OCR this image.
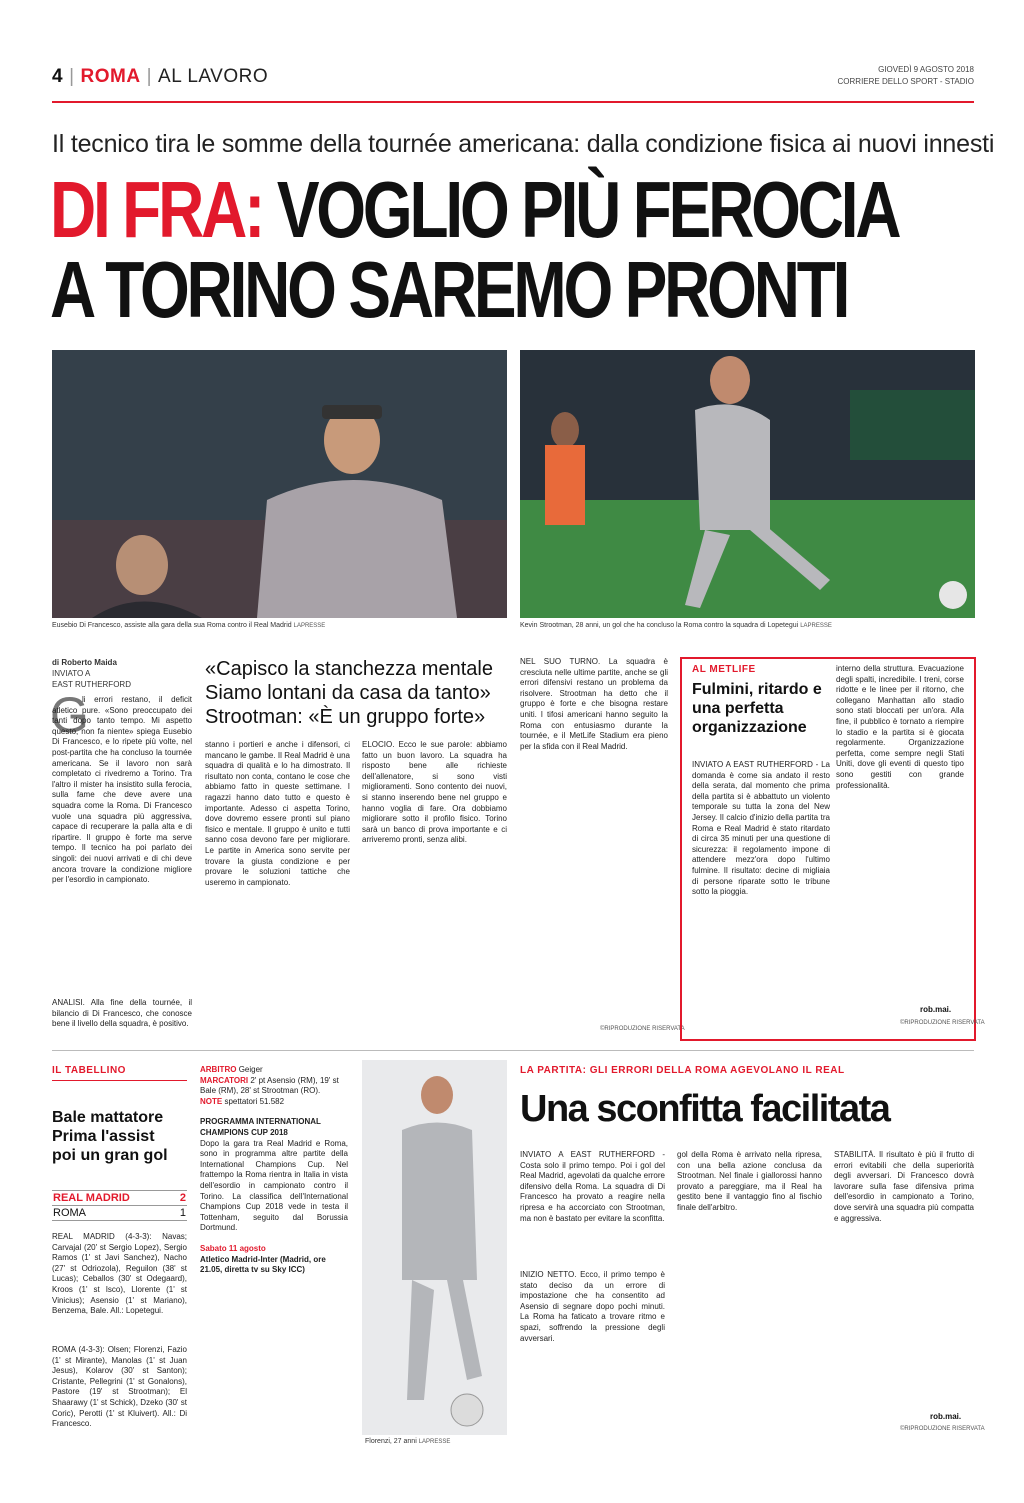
4 | ROMA | AL LAVORO	GIOVEDÌ 9 AGOSTO 2018
CORRIERE DELLO SPORT - STADIO
Il tecnico tira le somme della tournée americana: dalla condizione fisica ai nuovi innesti
DI FRA: VOGLIO PIÙ FEROCIA
A TORINO SAREMO PRONTI
Eusebio Di Francesco, assiste alla gara della sua Roma contro il Real Madrid LAPRESSE	Kevin Strootman, 28 anni, un gol che ha concluso la Roma contro la squadra di Lopetegui LAPRESSE
di Roberto Maida
INVIATO A
EAST RUTHERFORD
G
li errori restano, il deficit atletico pure. «Sono preoccupato dei tanti dopo tanto tempo. Mi aspetto questo, non fa niente» spiega Eusebio Di Francesco, e lo ripete più volte, nel post-partita che ha concluso la tournée americana. Se il lavoro non sarà completato ci rivedremo a Torino. Tra l'altro il mister ha insistito sulla ferocia, sulla fame che deve avere una squadra come la Roma. Di Francesco vuole una squadra più aggressiva, capace di recuperare la palla alta e di ripartire. Il gruppo è forte ma serve tempo. Il tecnico ha poi parlato dei singoli: dei nuovi arrivati e di chi deve ancora trovare la condizione migliore per l'esordio in campionato.
ANALISI. Alla fine della tournée, il bilancio di Di Francesco, che conosce bene il livello della squadra, è positivo.
«Capisco la stanchezza mentale Siamo lontani da casa da tanto» Strootman: «È un gruppo forte»
stanno i portieri e anche i difensori, ci mancano le gambe. Il Real Madrid è una squadra di qualità e lo ha dimostrato. Il risultato non conta, contano le cose che abbiamo fatto in queste settimane. I ragazzi hanno dato tutto e questo è importante. Adesso ci aspetta Torino, dove dovremo essere pronti sul piano fisico e mentale. Il gruppo è unito e tutti sanno cosa devono fare per migliorare. Le partite in America sono servite per trovare la giusta condizione e per provare le soluzioni tattiche che useremo in campionato.
ELOCIO. Ecco le sue parole: abbiamo fatto un buon lavoro. La squadra ha risposto bene alle richieste dell'allenatore, si sono visti miglioramenti. Sono contento dei nuovi, si stanno inserendo bene nel gruppo e hanno voglia di fare. Ora dobbiamo migliorare sotto il profilo fisico. Torino sarà un banco di prova importante e ci arriveremo pronti, senza alibi.
NEL SUO TURNO. La squadra è cresciuta nelle ultime partite, anche se gli errori difensivi restano un problema da risolvere. Strootman ha detto che il gruppo è forte e che bisogna restare uniti. I tifosi americani hanno seguito la Roma con entusiasmo durante la tournée, e il MetLife Stadium era pieno per la sfida con il Real Madrid.
©RIPRODUZIONE RISERVATA
AL METLIFE
Fulmini, ritardo e una perfetta organizzazione
INVIATO A EAST RUTHERFORD - La domanda è come sia andato il resto della serata, dal momento che prima della partita si è abbattuto un violento temporale su tutta la zona del New Jersey. Il calcio d'inizio della partita tra Roma e Real Madrid è stato ritardato di circa 35 minuti per una questione di sicurezza: il regolamento impone di attendere mezz'ora dopo l'ultimo fulmine. Il risultato: decine di migliaia di persone riparate sotto le tribune sotto la pioggia.
interno della struttura. Evacuazione degli spalti, incredibile. I treni, corse ridotte e le linee per il ritorno, che collegano Manhattan allo stadio sono stati bloccati per un'ora. Alla fine, il pubblico è tornato a riempire lo stadio e la partita si è giocata regolarmente. Organizzazione perfetta, come sempre negli Stati Uniti, dove gli eventi di questo tipo sono gestiti con grande professionalità.
rob.mai.
©RIPRODUZIONE RISERVATA
IL TABELLINO
Bale mattatore Prima l'assist poi un gran gol
REAL MADRID	2
ROMA	1
REAL MADRID (4-3-3): Navas; Carvajal (20' st Sergio Lopez), Sergio Ramos (1' st Javi Sanchez), Nacho (27' st Odriozola), Reguilon (38' st Lucas); Ceballos (30' st Odegaard), Kroos (1' st Isco), Llorente (1' st Vinicius); Asensio (1' st Mariano), Benzema, Bale. All.: Lopetegui.
ROMA (4-3-3): Olsen; Florenzi, Fazio (1' st Mirante), Manolas (1' st Juan Jesus), Kolarov (30' st Santon); Cristante, Pellegrini (1' st Gonalons), Pastore (19' st Strootman); El Shaarawy (1' st Schick), Dzeko (30' st Coric), Perotti (1' st Kluivert). All.: Di Francesco.
ARBITRO Geiger
MARCATORI 2' pt Asensio (RM), 19' st Bale (RM), 28' st Strootman (RO).
NOTE spettatori 51.582
PROGRAMMA INTERNATIONAL CHAMPIONS CUP 2018
Dopo la gara tra Real Madrid e Roma, sono in programma altre partite della International Champions Cup. Nel frattempo la Roma rientra in Italia in vista dell'esordio in campionato contro il Torino. La classifica dell'International Champions Cup 2018 vede in testa il Tottenham, seguito dal Borussia Dortmund.
Sabato 11 agosto
Atletico Madrid-Inter (Madrid, ore 21.05, diretta tv su Sky ICC)
Florenzi, 27 anni LAPRESSE
LA PARTITA: GLI ERRORI DELLA ROMA AGEVOLANO IL REAL
Una sconfitta facilitata
INVIATO A EAST RUTHERFORD - Costa solo il primo tempo. Poi i gol del Real Madrid, agevolati da qualche errore difensivo della Roma. La squadra di Di Francesco ha provato a reagire nella ripresa e ha accorciato con Strootman, ma non è bastato per evitare la sconfitta.
INIZIO NETTO. Ecco, il primo tempo è stato deciso da un errore di impostazione che ha consentito ad Asensio di segnare dopo pochi minuti. La Roma ha faticato a trovare ritmo e spazi, soffrendo la pressione degli avversari.
gol della Roma è arrivato nella ripresa, con una bella azione conclusa da Strootman. Nel finale i giallorossi hanno provato a pareggiare, ma il Real ha gestito bene il vantaggio fino al fischio finale dell'arbitro.
STABILITÀ. Il risultato è più il frutto di errori evitabili che della superiorità degli avversari. Di Francesco dovrà lavorare sulla fase difensiva prima dell'esordio in campionato a Torino, dove servirà una squadra più compatta e aggressiva.
rob.mai.
©RIPRODUZIONE RISERVATA
